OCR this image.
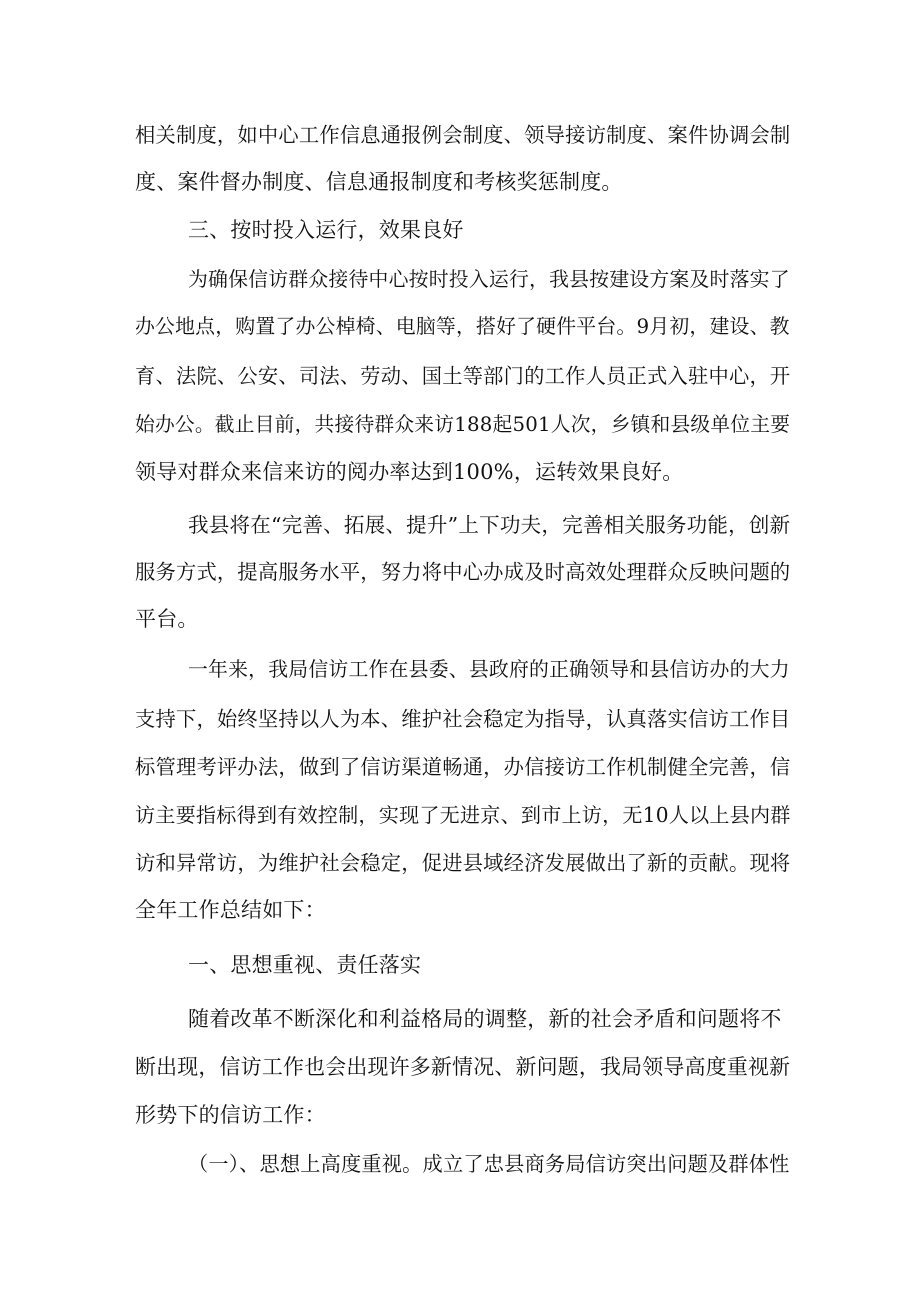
相关制度，如中心工作信息通报例会制度、领导接访制度、案件协调会制
度、案件督办制度、信息通报制度和考核奖惩制度。
三、按时投入运行，效果良好
为确保信访群众接待中心按时投入运行，我县按建设方案及时落实了
办公地点，购置了办公棹椅、电脑等，搭好了硬件平台。9月初，建设、教
育、法院、公安、司法、劳动、国土等部门的工作人员正式入驻中心，开
始办公。截止目前，共接待群众来访188起501人次，乡镇和县级单位主要
领导对群众来信来访的阅办率达到100%，运转效果良好。
我县将在“完善、拓展、提升”上下功夫，完善相关服务功能，创新
服务方式，提高服务水平，努力将中心办成及时高效处理群众反映问题的
平台。
一年来，我局信访工作在县委、县政府的正确领导和县信访办的大力
支持下，始终坚持以人为本、维护社会稳定为指导，认真落实信访工作目
标管理考评办法，做到了信访渠道畅通，办信接访工作机制健全完善，信
访主要指标得到有效控制，实现了无进京、到市上访，无10人以上县内群
访和异常访，为维护社会稳定，促进县域经济发展做出了新的贡献。现将
全年工作总结如下：
一、思想重视、责任落实
随着改革不断深化和利益格局的调整，新的社会矛盾和问题将不
断出现，信访工作也会出现许多新情况、新问题，我局领导高度重视新
形势下的信访工作：
（一）、思想上高度重视。成立了忠县商务局信访突出问题及群体性
